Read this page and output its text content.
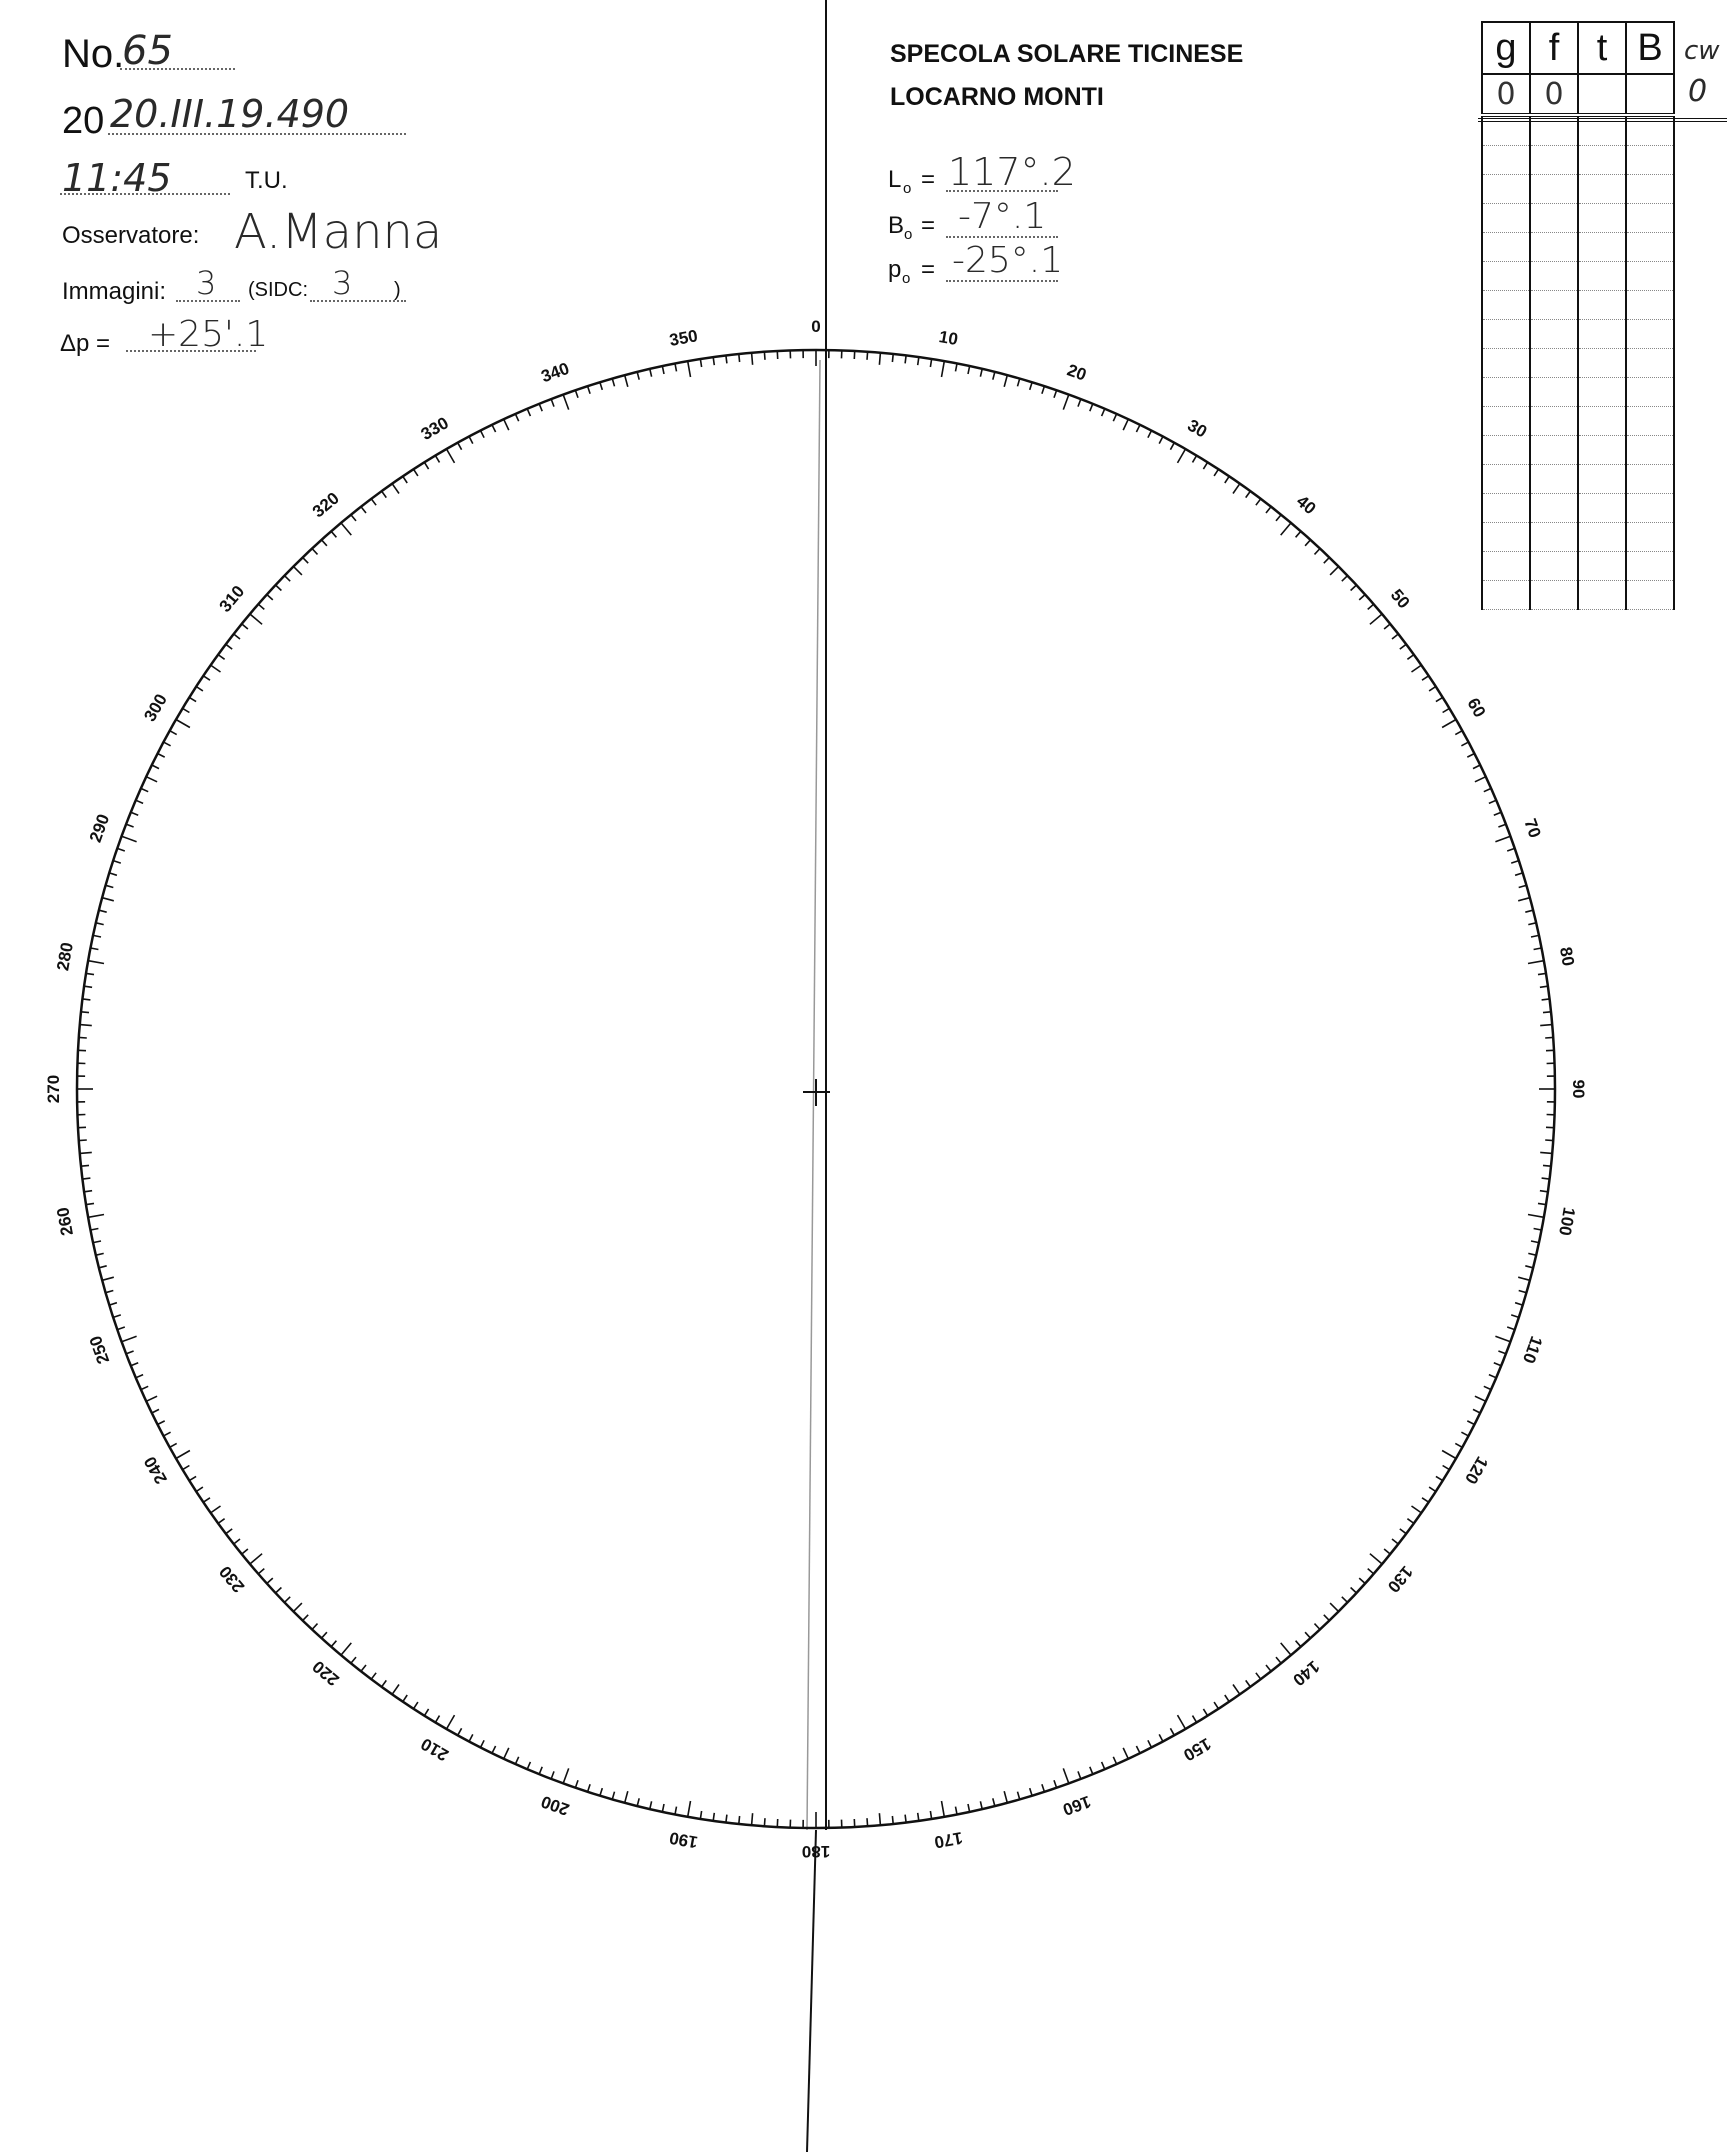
No.
65
20 20.III.19.490
11:45	T.U.
Osservatore: A.Manna
Immagini: 3 (SIDC: 3 )
Δp = +25'.1
SPECOLA SOLARE TICINESE
LOCARNO MONTI
L o = 117°.2
B o = -7°.1
p o = -25°.1
g	f	t	B
0	0		

cw
0
0
10
20
30
40
50
60
70
80
90
100
110
120
130
140
150
160
170
180
190
200
210
220
230
240
250
260
270
280
290
300
310
320
330
340
350
